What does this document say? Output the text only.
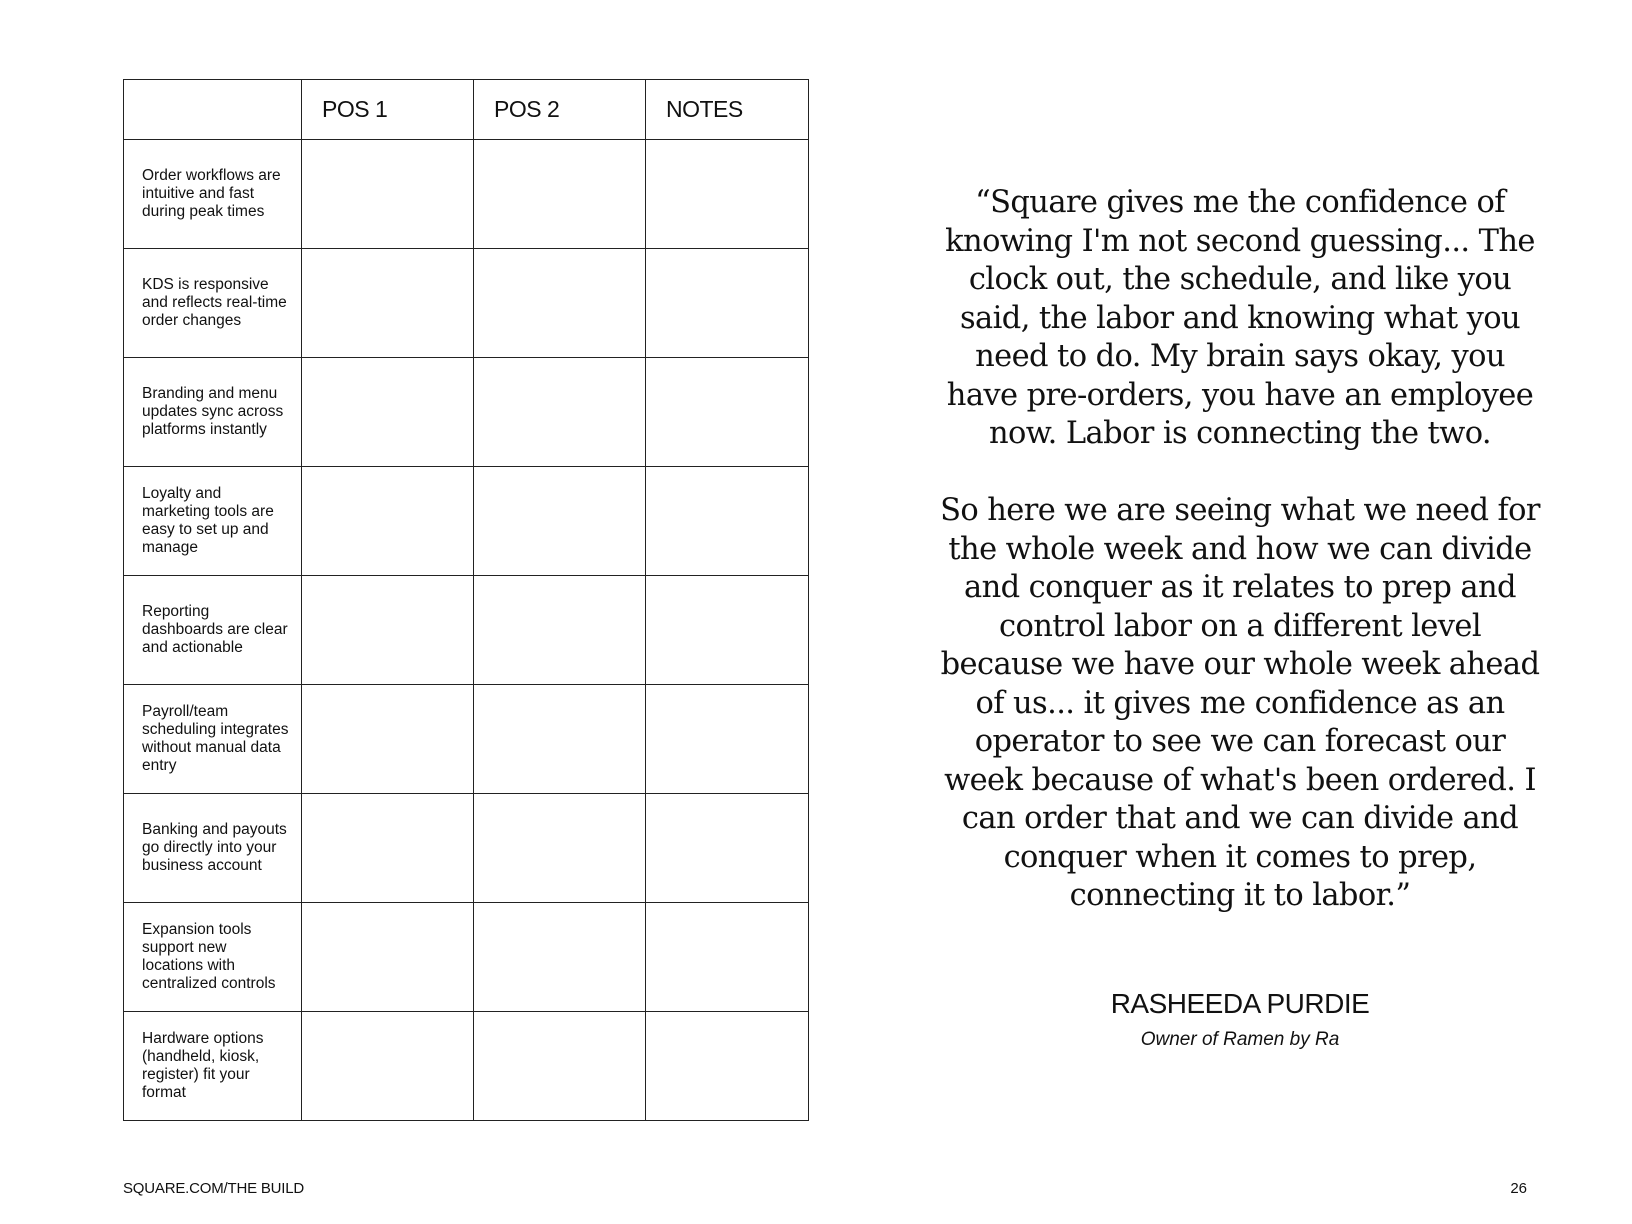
	POS 1	POS 2	NOTES
Order workflows are intuitive and fast during peak times			
KDS is responsive and reflects real-time order changes			
Branding and menu updates sync across platforms instantly			
Loyalty and marketing tools are easy to set up and manage			
Reporting dashboards are clear and actionable			
Payroll/team scheduling integrates without manual data entry			
Banking and payouts go directly into your business account			
Expansion tools support new locations with centralized controls			
Hardware options (handheld, kiosk, register) fit your format			

“Square gives me the confidence of knowing I'm not second guessing... The clock out, the schedule, and like you said, the labor and knowing what you need to do. My brain says okay, you have pre-orders, you have an employee now. Labor is connecting the two.

So here we are seeing what we need for the whole week and how we can divide and conquer as it relates to prep and control labor on a different level because we have our whole week ahead of us... it gives me confidence as an operator to see we can forecast our week because of what's been ordered. I can order that and we can divide and conquer when it comes to prep, connecting it to labor.”

RASHEEDA PURDIE
Owner of Ramen by Ra
SQUARE.COM/THE BUILD	26
